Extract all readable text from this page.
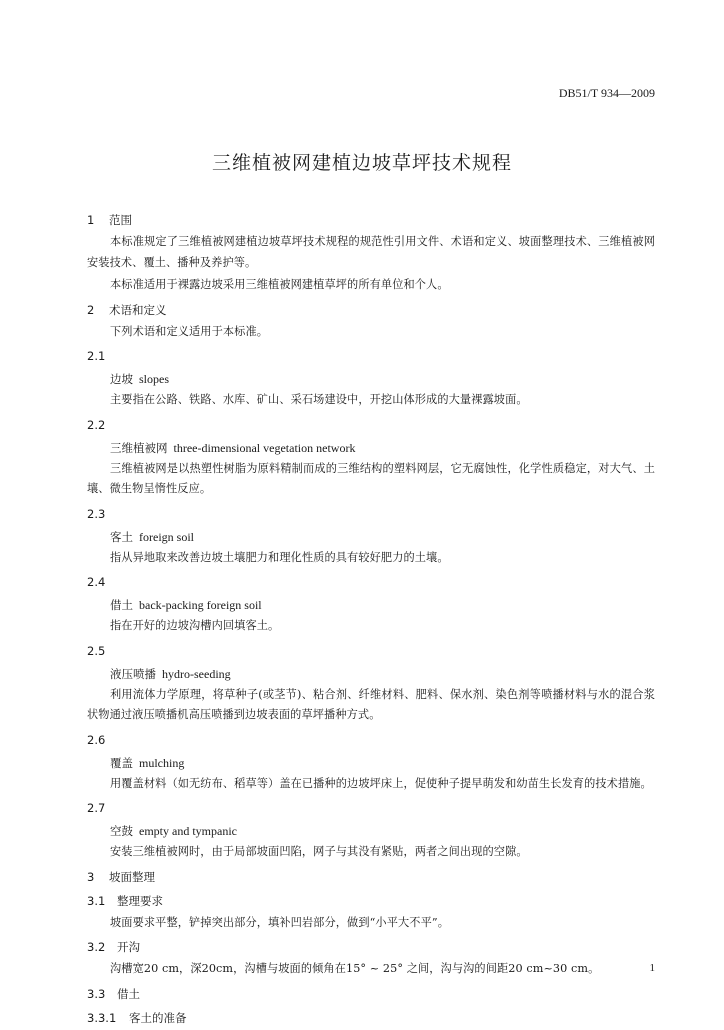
DB51/T 934—2009
三维植被网建植边坡草坪技术规程
1 范围
本标准规定了三维植被网建植边坡草坪技术规程的规范性引用文件、术语和定义、坡面整理技术、三维植被网安装技术、覆土、播种及养护等。
本标准适用于裸露边坡采用三维植被网建植草坪的所有单位和个人。
2 术语和定义
下列术语和定义适用于本标准。
2.1
边坡 slopes
主要指在公路、铁路、水库、矿山、采石场建设中，开挖山体形成的大量裸露坡面。
2.2
三维植被网 three-dimensional vegetation network
三维植被网是以热塑性树脂为原料精制而成的三维结构的塑料网层，它无腐蚀性，化学性质稳定，对大气、土壤、微生物呈惰性反应。
2.3
客土 foreign soil
指从异地取来改善边坡土壤肥力和理化性质的具有较好肥力的土壤。
2.4
借土 back-packing foreign soil
指在开好的边坡沟槽内回填客土。
2.5
液压喷播 hydro-seeding
利用流体力学原理，将草种子(或茎节)、粘合剂、纤维材料、肥料、保水剂、染色剂等喷播材料与水的混合浆状物通过液压喷播机高压喷播到边坡表面的草坪播种方式。
2.6
覆盖 mulching
用覆盖材料（如无纺布、稻草等）盖在已播种的边坡坪床上，促使种子提早萌发和幼苗生长发育的技术措施。
2.7
空鼓 empty and tympanic
安装三维植被网时，由于局部坡面凹陷，网子与其没有紧贴，两者之间出现的空隙。
3 坡面整理
3.1 整理要求
坡面要求平整，铲掉突出部分，填补凹岩部分，做到“小平大不平”。
3.2 开沟
沟槽宽20 cm，深20cm，沟槽与坡面的倾角在15° ~ 25° 之间，沟与沟的间距20 cm~30 cm。
3.3 借土
3.3.1 客土的准备
1
